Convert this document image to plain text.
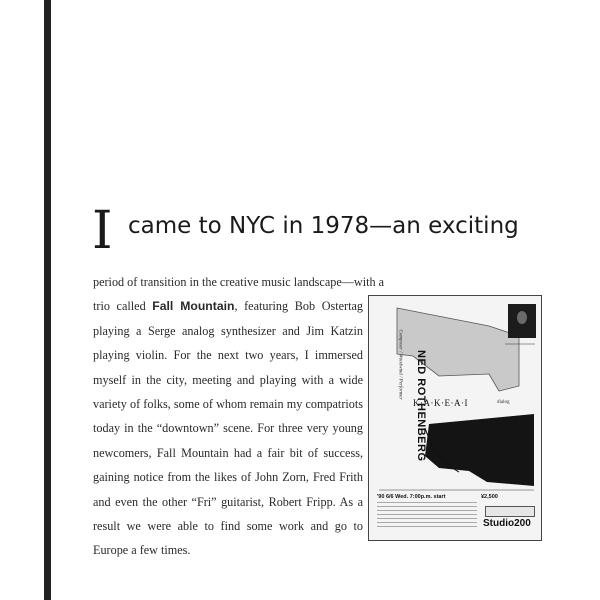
I came to NYC in 1978—an exciting

period of transition in the creative music landscape—with a
trio called Fall Mountain, featuring Bob Ostertag playing a Serge analog synthesizer and Jim Katzin playing violin. For the next two years, I immersed myself in the city, meeting and playing with a wide variety of folks, some of whom remain my compatriots today in the “downtown” scene. For three very young newcomers, Fall Mountain had a fair bit of success, gaining notice from the likes of John Zorn, Fred Frith and even the other “Fri” guitarist, Robert Fripp. As a result we were able to find some work and go to Europe a few times.

NED ROTHENBERG
Composer / Woodwind / Performer
K·A·K·E·A·I	dialog
'90 6/6 Wed. 7:00p.m. start	¥2,500
Studio200
